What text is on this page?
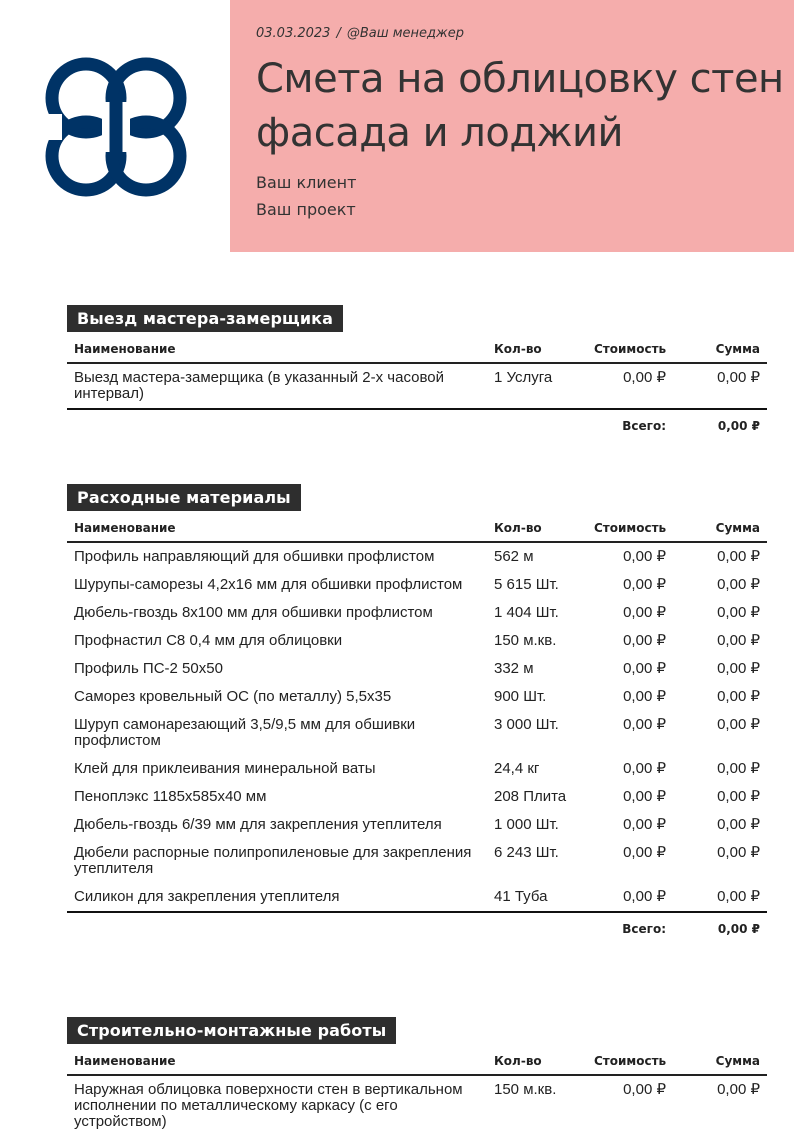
03.03.2023 / @Ваш менеджер
Смета на облицовку стен фасада и лоджий
Ваш клиент
Ваш проект
Выезд мастера-замерщика
Наименование	Кол-во	Стоимость	Сумма
Выезд мастера-замерщика (в указанный 2-х часовой интервал)	1 Услуга	0,00 ₽	0,00 ₽
		Всего:	0,00 ₽
Расходные материалы
Наименование	Кол-во	Стоимость	Сумма
Профиль направляющий для обшивки профлистом	562 м	0,00 ₽	0,00 ₽
Шурупы-саморезы 4,2х16 мм для обшивки профлистом	5 615 Шт.	0,00 ₽	0,00 ₽
Дюбель-гвоздь 8х100 мм для обшивки профлистом	1 404 Шт.	0,00 ₽	0,00 ₽
Профнастил С8 0,4 мм для облицовки	150 м.кв.	0,00 ₽	0,00 ₽
Профиль ПС-2 50х50	332 м	0,00 ₽	0,00 ₽
Саморез кровельный ОС (по металлу) 5,5х35	900 Шт.	0,00 ₽	0,00 ₽
Шуруп самонарезающий 3,5/9,5 мм для обшивки профлистом	3 000 Шт.	0,00 ₽	0,00 ₽
Клей для приклеивания минеральной ваты	24,4 кг	0,00 ₽	0,00 ₽
Пеноплэкс 1185х585х40 мм	208 Плита	0,00 ₽	0,00 ₽
Дюбель-гвоздь 6/39 мм для закрепления утеплителя	1 000 Шт.	0,00 ₽	0,00 ₽
Дюбели распорные полипропиленовые для закрепления утеплителя	6 243 Шт.	0,00 ₽	0,00 ₽
Силикон для закрепления утеплителя	41 Туба	0,00 ₽	0,00 ₽
		Всего:	0,00 ₽
Строительно-монтажные работы
Наименование	Кол-во	Стоимость	Сумма
Наружная облицовка поверхности стен в вертикальном исполнении по металлическому каркасу (с его устройством)	150 м.кв.	0,00 ₽	0,00 ₽
